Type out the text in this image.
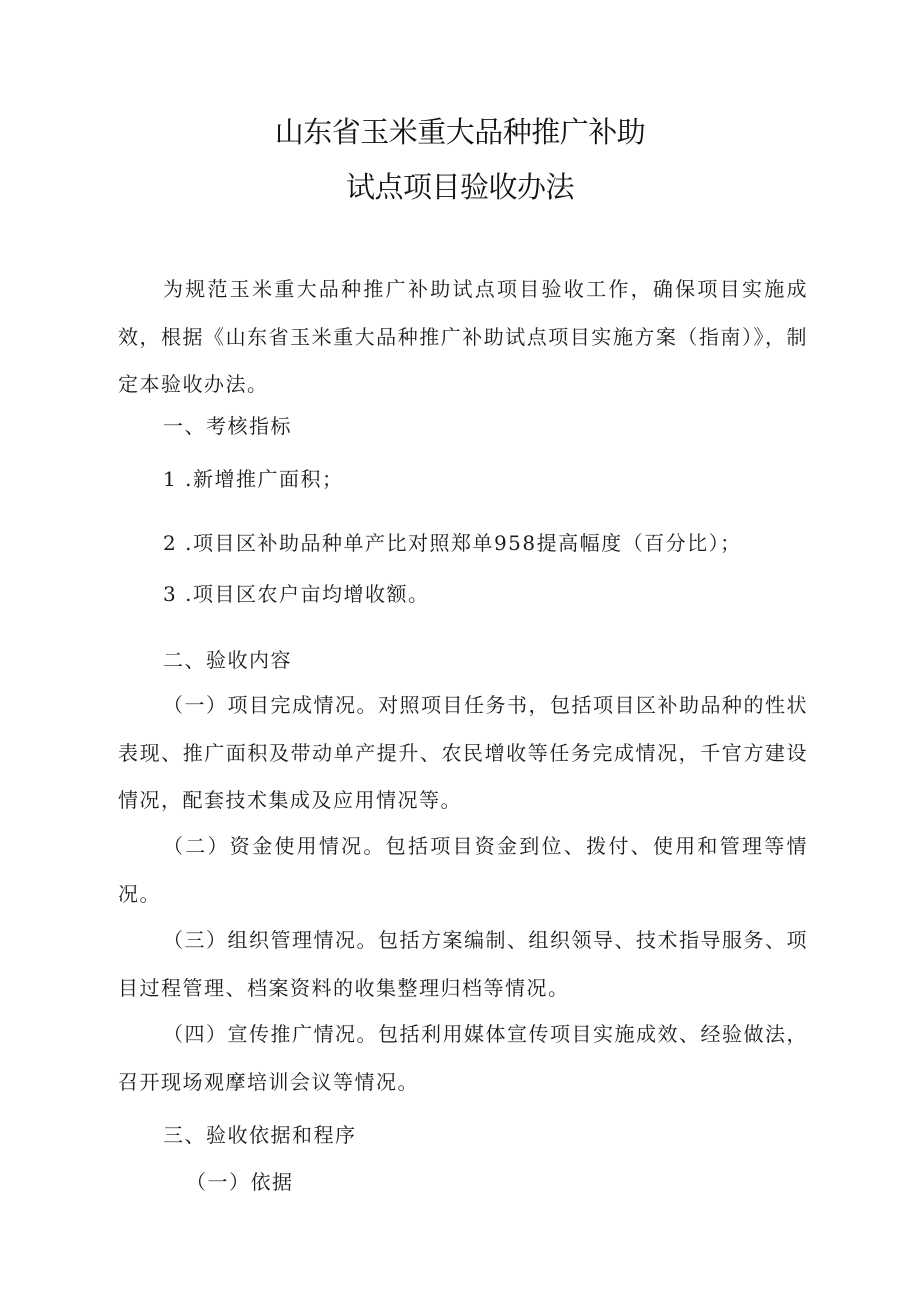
山东省玉米重大品种推广补助
试点项目验收办法

为规范玉米重大品种推广补助试点项目验收工作，确保项目实施成效，根据《山东省玉米重大品种推广补助试点项目实施方案（指南）》，制定本验收办法。

一、考核指标

1 .新增推广面积；

2 .项目区补助品种单产比对照郑单958提高幅度（百分比）；

3 .项目区农户亩均增收额。

二、验收内容

（一）项目完成情况。对照项目任务书，包括项目区补助品种的性状表现、推广面积及带动单产提升、农民增收等任务完成情况，千官方建设情况，配套技术集成及应用情况等。

（二）资金使用情况。包括项目资金到位、拨付、使用和管理等情况。

（三）组织管理情况。包括方案编制、组织领导、技术指导服务、项目过程管理、档案资料的收集整理归档等情况。

（四）宣传推广情况。包括利用媒体宣传项目实施成效、经验做法，召开现场观摩培训会议等情况。

三、验收依据和程序

（一）依据
